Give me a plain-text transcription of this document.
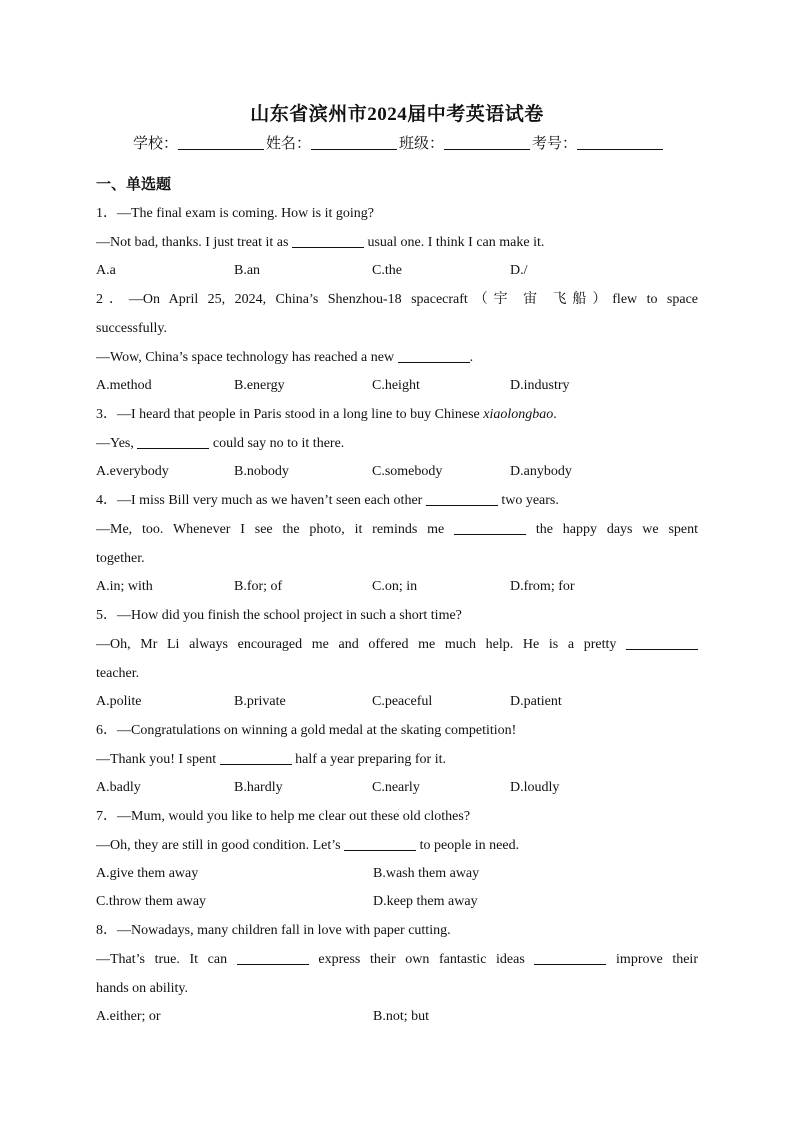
山东省滨州市2024届中考英语试卷
学校：	姓名：	班级：	考号：
一、单选题
1．—The final exam is coming. How is it going?
—Not bad, thanks. I just treat it as	usual one. I think I can make it.
A.a	B.an	C.the	D./
2．—On April 25, 2024, China’s Shenzhou-18 spacecraft（宇 宙 飞船）flew to space
successfully.
—Wow, China’s space technology has reached a new	.
A.method	B.energy	C.height	D.industry
3．—I heard that people in Paris stood in a long line to buy Chinese xiaolongbao.
—Yes,	could say no to it there.
A.everybody	B.nobody	C.somebody	D.anybody
4．—I miss Bill very much as we haven’t seen each other	two years.
—Me, too. Whenever I see the photo, it reminds me	the happy days we spent
together.
A.in; with	B.for; of	C.on; in	D.from; for
5．—How did you finish the school project in such a short time?
—Oh, Mr Li always encouraged me and offered me much help. He is a pretty
teacher.
A.polite	B.private	C.peaceful	D.patient
6．—Congratulations on winning a gold medal at the skating competition!
—Thank you! I spent	half a year preparing for it.
A.badly	B.hardly	C.nearly	D.loudly
7．—Mum, would you like to help me clear out these old clothes?
—Oh, they are still in good condition. Let’s	to people in need.
A.give them away	B.wash them away
C.throw them away	D.keep them away
8．—Nowadays, many children fall in love with paper cutting.
—That’s true. It can	express their own fantastic ideas	improve their
hands on ability.
A.either; or	B.not; but
